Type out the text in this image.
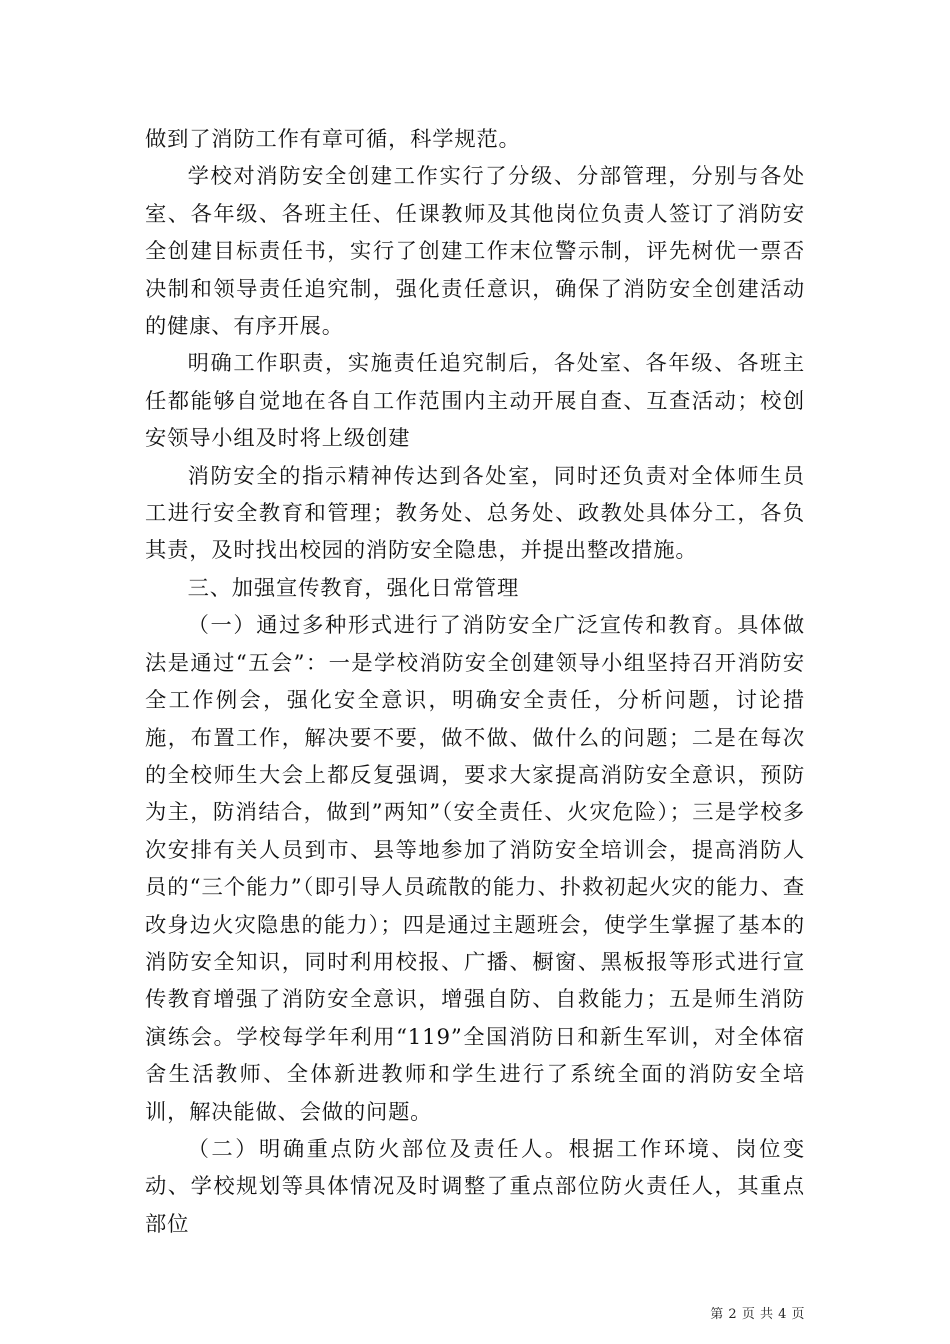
做到了消防工作有章可循，科学规范。

学校对消防安全创建工作实行了分级、分部管理，分别与各处室、各年级、各班主任、任课教师及其他岗位负责人签订了消防安全创建目标责任书，实行了创建工作末位警示制，评先树优一票否决制和领导责任追究制，强化责任意识，确保了消防安全创建活动的健康、有序开展。

明确工作职责，实施责任追究制后，各处室、各年级、各班主任都能够自觉地在各自工作范围内主动开展自查、互查活动；校创安领导小组及时将上级创建

消防安全的指示精神传达到各处室，同时还负责对全体师生员工进行安全教育和管理；教务处、总务处、政教处具体分工，各负其责，及时找出校园的消防安全隐患，并提出整改措施。

三、加强宣传教育，强化日常管理

（一）通过多种形式进行了消防安全广泛宣传和教育。具体做法是通过“五会”：一是学校消防安全创建领导小组坚持召开消防安全工作例会，强化安全意识，明确安全责任，分析问题，讨论措施，布置工作，解决要不要，做不做、做什么的问题；二是在每次的全校师生大会上都反复强调，要求大家提高消防安全意识，预防为主，防消结合，做到”两知”（安全责任、火灾危险）；三是学校多次安排有关人员到市、县等地参加了消防安全培训会，提高消防人员的“三个能力”（即引导人员疏散的能力、扑救初起火灾的能力、查改身边火灾隐患的能力）；四是通过主题班会，使学生掌握了基本的消防安全知识，同时利用校报、广播、橱窗、黑板报等形式进行宣传教育增强了消防安全意识，增强自防、自救能力；五是师生消防演练会。学校每学年利用“119”全国消防日和新生军训，对全体宿舍生活教师、全体新进教师和学生进行了系统全面的消防安全培训，解决能做、会做的问题。

（二）明确重点防火部位及责任人。根据工作环境、岗位变动、学校规划等具体情况及时调整了重点部位防火责任人，其重点部位

第 2 页 共 4 页
